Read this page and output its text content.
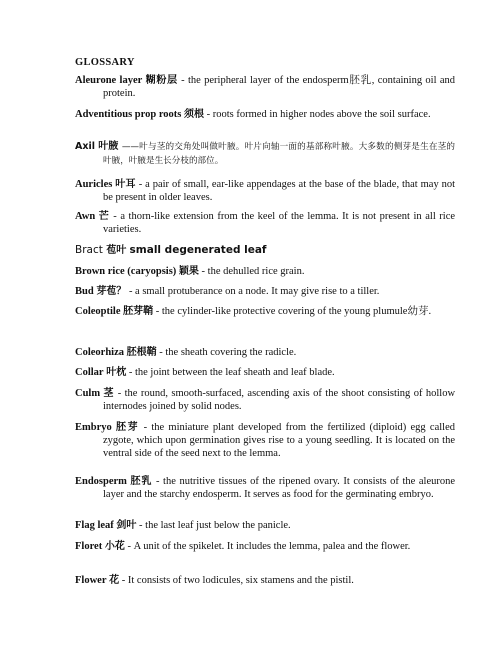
GLOSSARY
Aleurone layer 糊粉层 - the peripheral layer of the endosperm胚乳, containing oil and protein.
Adventitious prop roots 须根 - roots formed in higher nodes above the soil surface.
Axil 叶腋 ——叶与茎的交角处叫做叶腋。叶片向轴一面的基部称叶腋。大多数的侧芽是生在茎的叶腋，叶腋是生长分枝的部位。
Auricles 叶耳 - a pair of small, ear-like appendages at the base of the blade, that may not be present in older leaves.
Awn 芒 - a thorn-like extension from the keel of the lemma. It is not present in all rice varieties.
Bract 苞叶 small degenerated leaf
Brown rice (caryopsis) 颖果 - the dehulled rice grain.
Bud 芽苞？ - a small protuberance on a node. It may give rise to a tiller.
Coleoptile 胚芽鞘 - the cylinder-like protective covering of the young plumule幼芽.
Coleorhiza 胚根鞘 - the sheath covering the radicle.
Collar 叶枕 - the joint between the leaf sheath and leaf blade.
Culm 茎 - the round, smooth-surfaced, ascending axis of the shoot consisting of hollow internodes joined by solid nodes.
Embryo 胚芽 - the miniature plant developed from the fertilized (diploid) egg called zygote, which upon germination gives rise to a young seedling. It is located on the ventral side of the seed next to the lemma.
Endosperm 胚乳 - the nutritive tissues of the ripened ovary. It consists of the aleurone layer and the starchy endosperm. It serves as food for the germinating embryo.
Flag leaf 剑叶 - the last leaf just below the panicle.
Floret 小花 - A unit of the spikelet. It includes the lemma, palea and the flower.
Flower 花 - It consists of two lodicules, six stamens and the pistil.
